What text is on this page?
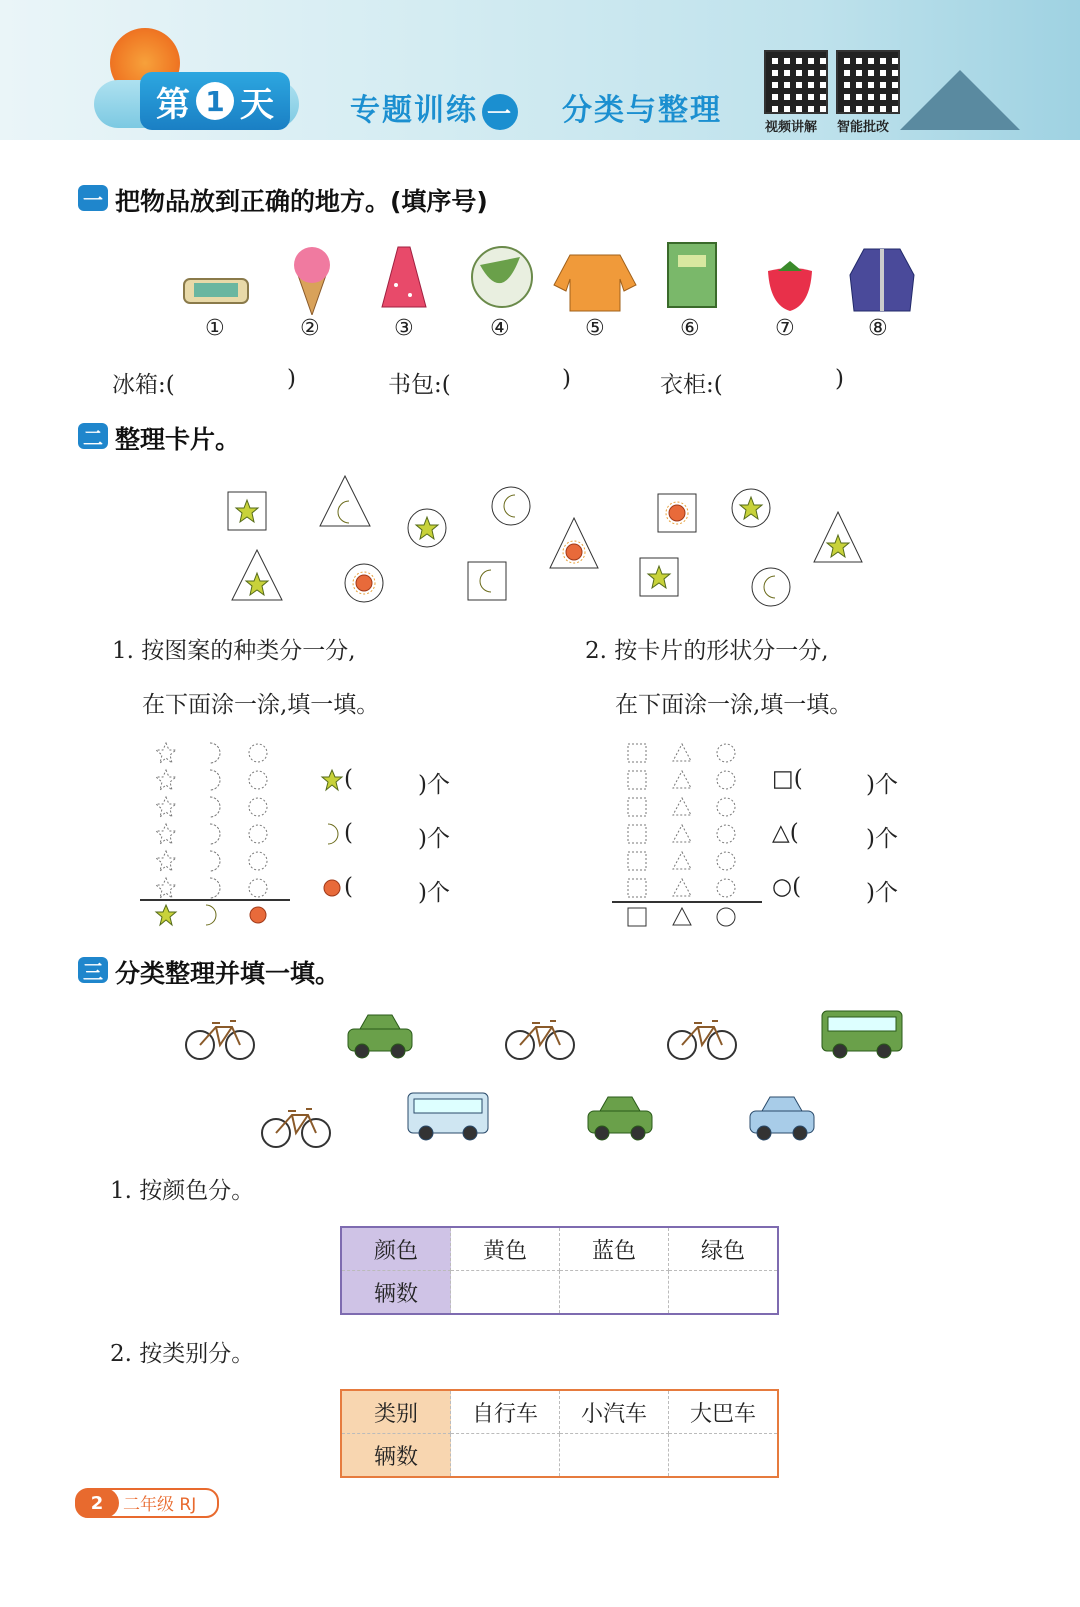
第 1 天	专题训练 一 分类与整理	视频讲解 智能批改
一 把物品放到正确的地方。(填序号)
①	②	③	④	⑤	⑥	⑦	⑧
冰箱:(	)	书包:(	)	衣柜:(	)
二 整理卡片。
1. 按图案的种类分一分,
在下面涂一涂,填一填。
2. 按卡片的形状分一分,
在下面涂一涂,填一填。
(	)个
(	)个
(	)个
□(	)个
△(	)个
○(	)个
三 分类整理并填一填。
1. 按颜色分。
颜色	黄色	蓝色	绿色
辆数			
2. 按类别分。
类别	自行车	小汽车	大巴车
辆数			
2	二年级 RJ
